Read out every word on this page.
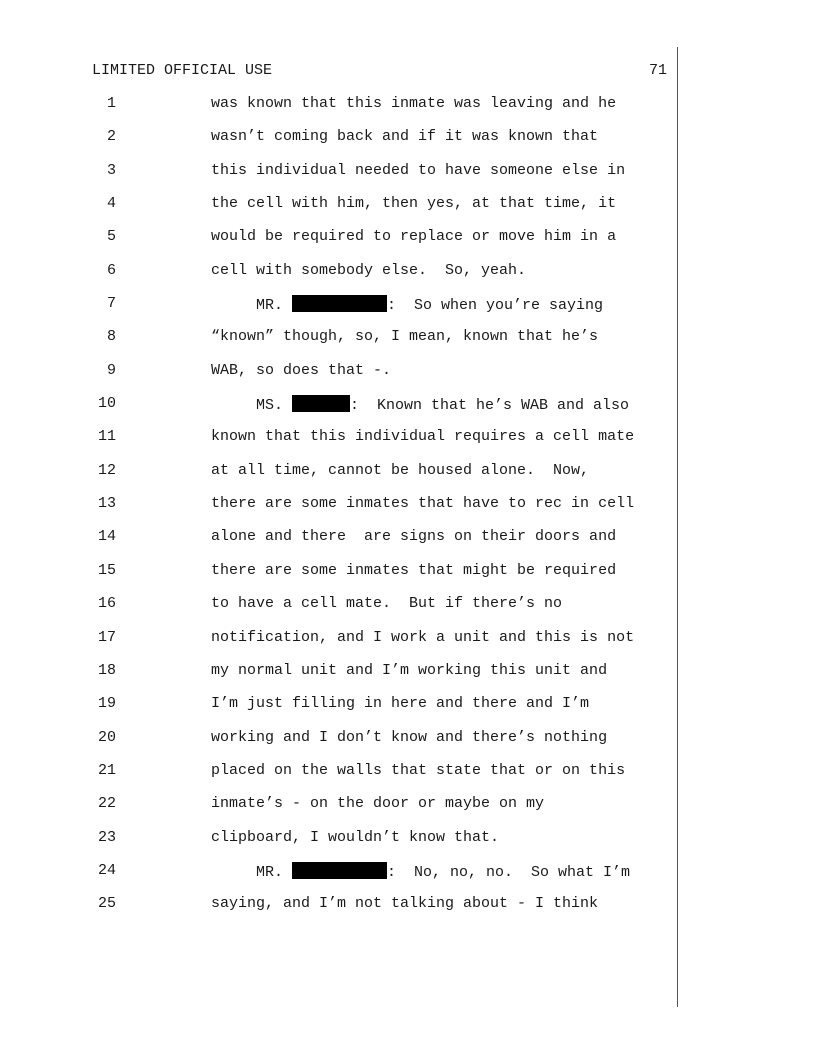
LIMITED OFFICIAL USE	71
1	was known that this inmate was leaving and he
2	wasn’t coming back and if it was known that
3	this individual needed to have someone else in
4	the cell with him, then yes, at that time, it
5	would be required to replace or move him in a
6	cell with somebody else.  So, yeah.
7	MR.	:  So when you’re saying
8	“known” though, so, I mean, known that he’s
9	WAB, so does that -.
10	MS.	:  Known that he’s WAB and also
11	known that this individual requires a cell mate
12	at all time, cannot be housed alone.  Now,
13	there are some inmates that have to rec in cell
14	alone and there  are signs on their doors and
15	there are some inmates that might be required
16	to have a cell mate.  But if there’s no
17	notification, and I work a unit and this is not
18	my normal unit and I’m working this unit and
19	I’m just filling in here and there and I’m
20	working and I don’t know and there’s nothing
21	placed on the walls that state that or on this
22	inmate’s - on the door or maybe on my
23	clipboard, I wouldn’t know that.
24	MR.	:  No, no, no.  So what I’m
25	saying, and I’m not talking about - I think
